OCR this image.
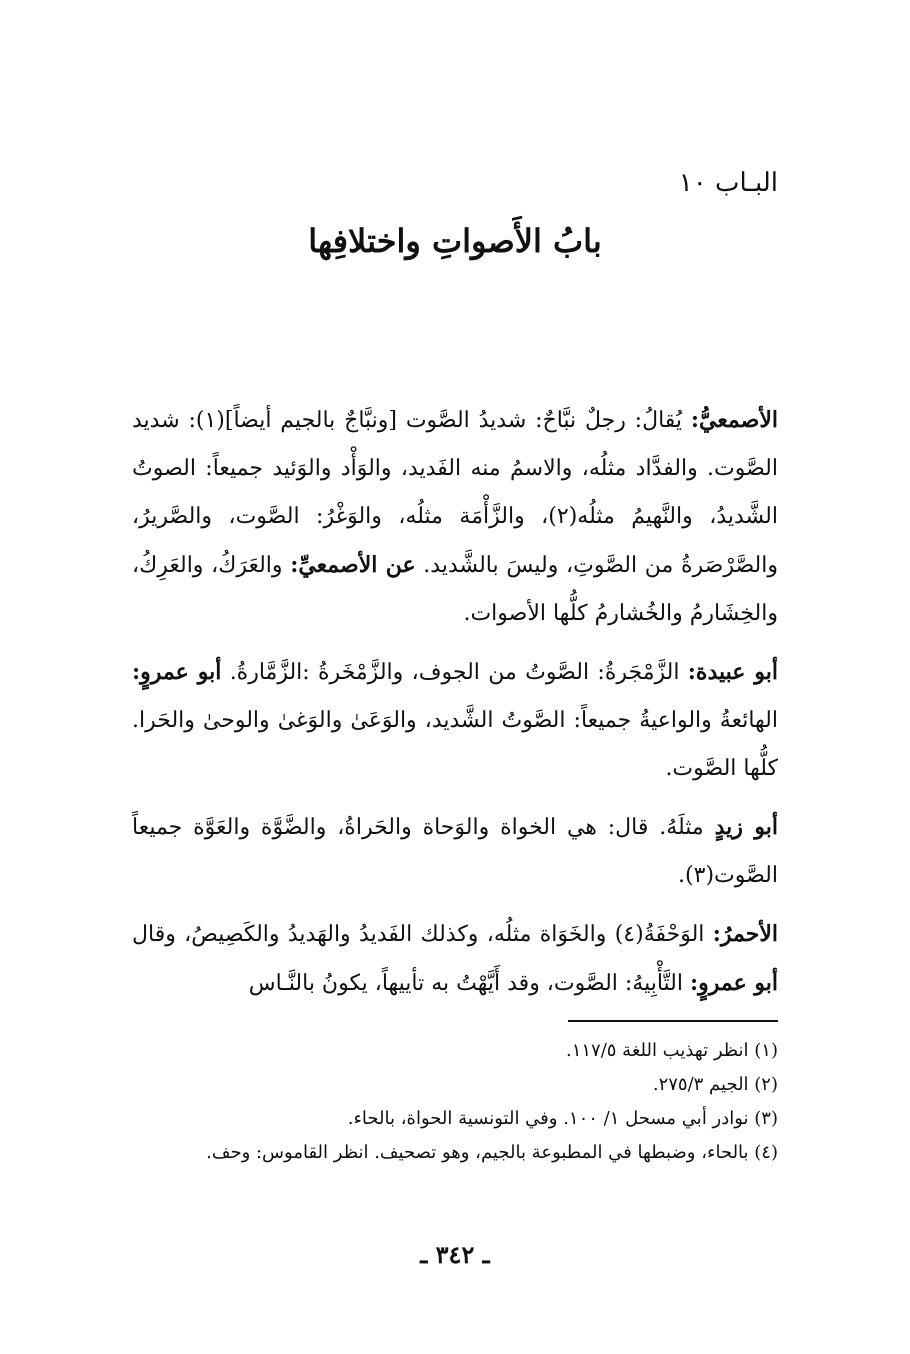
البـاب ١٠
بابُ الأَصواتِ واختلافِها

الأصمعيُّ: يُقالُ: رجلٌ نبَّاحٌ: شديدُ الصَّوت [ونبَّاجٌ بالجيم أيضاً](١): شديد الصَّوت. والفدَّاد مثلُه، والاسمُ منه الفَديد، والوَأْد والوَئيد جميعاً: الصوتُ الشَّديدُ، والنَّهيمُ مثلُه(٢)، والزَّأْمَة مثلُه، والوَغْرُ: الصَّوت، والصَّريرُ، والصَّرْصَرةُ من الصَّوتِ، وليسَ بالشَّديد. عن الأصمعيِّ: والعَرَكُ، والعَرِكُ، والخِشَارمُ والخُشارمُ كلُّها الأصوات.

أبو عبيدة: الزَّمْجَرةُ: الصَّوتُ من الجوف، والزَّمْخَرةُ :الزَّمَّارةُ. أبو عمروٍ: الهائعةُ والواعيةُ جميعاً: الصَّوتُ الشَّديد، والوَعَىٰ والوَغىٰ والوحىٰ والحَرا. كلُّها الصَّوت.

أبو زيدٍ مثلَهُ. قال: هي الخواة والوَحاة والحَراةُ، والضَّوَّة والعَوَّة جميعاً الصَّوت(٣).

الأحمرُ: الوَحْفَةُ(٤) والخَوَاة مثلُه، وكذلك الفَديدُ والهَديدُ والكَصِيصُ، وقال أبو عمروٍ: التَّأْبِيهُ: الصَّوت، وقد أَيَّهْتُ به تأييهاً، يكونُ بالنَّـاس

(١) انظر تهذيب اللغة ١١٧/٥.

(٢) الجيم ٢٧٥/٣.

(٣) نوادر أبي مسحل ١/ ١٠٠. وفي التونسية الحواة، بالحاء.

(٤) بالحاء، وضبطها في المطبوعة بالجيم، وهو تصحيف. انظر القاموس: وحف.

ـ ٣٤٢ ـ
